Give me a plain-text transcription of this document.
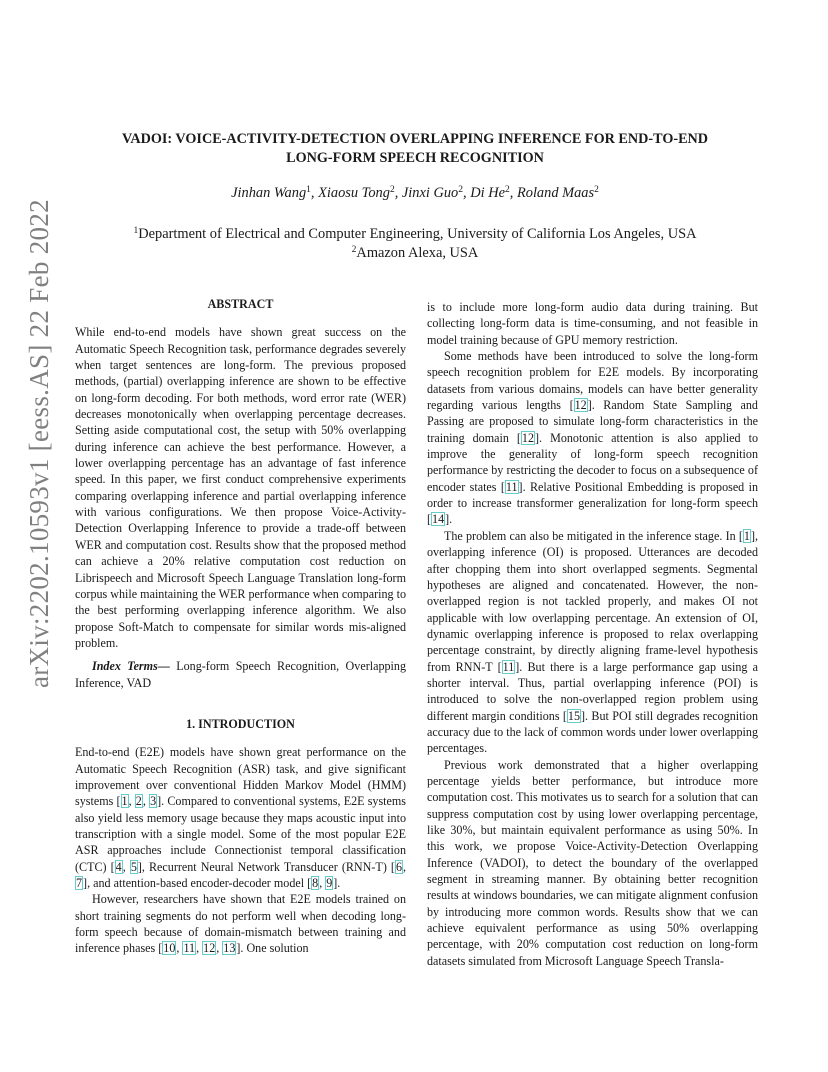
arXiv:2202.10593v1 [eess.AS] 22 Feb 2022
VADOI: VOICE-ACTIVITY-DETECTION OVERLAPPING INFERENCE FOR END-TO-END
LONG-FORM SPEECH RECOGNITION
Jinhan Wang$^1$, Xiaosu Tong$^2$, Jinxi Guo$^2$, Di He$^2$, Roland Maas$^2$
$^1$Department of Electrical and Computer Engineering, University of California Los Angeles, USA
$^2$Amazon Alexa, USA
ABSTRACT

While end-to-end models have shown great success on the Automatic Speech Recognition task, performance degrades severely when target sentences are long-form. The previous proposed methods, (partial) overlapping inference are shown to be effective on long-form decoding. For both methods, word error rate (WER) decreases monotonically when overlapping percentage decreases. Setting aside computational cost, the setup with 50% overlapping during inference can achieve the best performance. However, a lower overlapping percentage has an advantage of fast inference speed. In this paper, we first conduct comprehensive experiments comparing overlapping inference and partial overlapping inference with various configurations. We then propose Voice-Activity-Detection Overlapping Inference to provide a trade-off between WER and computation cost. Results show that the proposed method can achieve a 20% relative computation cost reduction on Librispeech and Microsoft Speech Language Translation long-form corpus while maintaining the WER performance when comparing to the best performing overlapping inference algorithm. We also propose Soft-Match to compensate for similar words mis-aligned problem.

Index Terms— Long-form Speech Recognition, Overlapping Inference, VAD

1. INTRODUCTION

End-to-end (E2E) models have shown great performance on the Automatic Speech Recognition (ASR) task, and give significant improvement over conventional Hidden Markov Model (HMM) systems [1, 2, 3]. Compared to conventional systems, E2E systems also yield less memory usage because they maps acoustic input into transcription with a single model. Some of the most popular E2E ASR approaches include Connectionist temporal classification (CTC) [4, 5], Recurrent Neural Network Transducer (RNN-T) [6, 7], and attention-based encoder-decoder model [8, 9].

However, researchers have shown that E2E models trained on short training segments do not perform well when decoding long-form speech because of domain-mismatch between training and inference phases [10, 11, 12, 13]. One solution

is to include more long-form audio data during training. But collecting long-form data is time-consuming, and not feasible in model training because of GPU memory restriction.

Some methods have been introduced to solve the long-form speech recognition problem for E2E models. By incorporating datasets from various domains, models can have better generality regarding various lengths [12]. Random State Sampling and Passing are proposed to simulate long-form characteristics in the training domain [12]. Monotonic attention is also applied to improve the generality of long-form speech recognition performance by restricting the decoder to focus on a subsequence of encoder states [11]. Relative Positional Embedding is proposed in order to increase transformer generalization for long-form speech [14].

The problem can also be mitigated in the inference stage. In [1], overlapping inference (OI) is proposed. Utterances are decoded after chopping them into short overlapped segments. Segmental hypotheses are aligned and concatenated. However, the non-overlapped region is not tackled properly, and makes OI not applicable with low overlapping percentage. An extension of OI, dynamic overlapping inference is proposed to relax overlapping percentage constraint, by directly aligning frame-level hypothesis from RNN-T [11]. But there is a large performance gap using a shorter interval. Thus, partial overlapping inference (POI) is introduced to solve the non-overlapped region problem using different margin conditions [15]. But POI still degrades recognition accuracy due to the lack of common words under lower overlapping percentages.

Previous work demonstrated that a higher overlapping percentage yields better performance, but introduce more computation cost. This motivates us to search for a solution that can suppress computation cost by using lower overlapping percentage, like 30%, but maintain equivalent performance as using 50%. In this work, we propose Voice-Activity-Detection Overlapping Inference (VADOI), to detect the boundary of the overlapped segment in streaming manner. By obtaining better recognition results at windows boundaries, we can mitigate alignment confusion by introducing more common words. Results show that we can achieve equivalent performance as using 50% overlapping percentage, with 20% computation cost reduction on long-form datasets simulated from Microsoft Language Speech Transla-
